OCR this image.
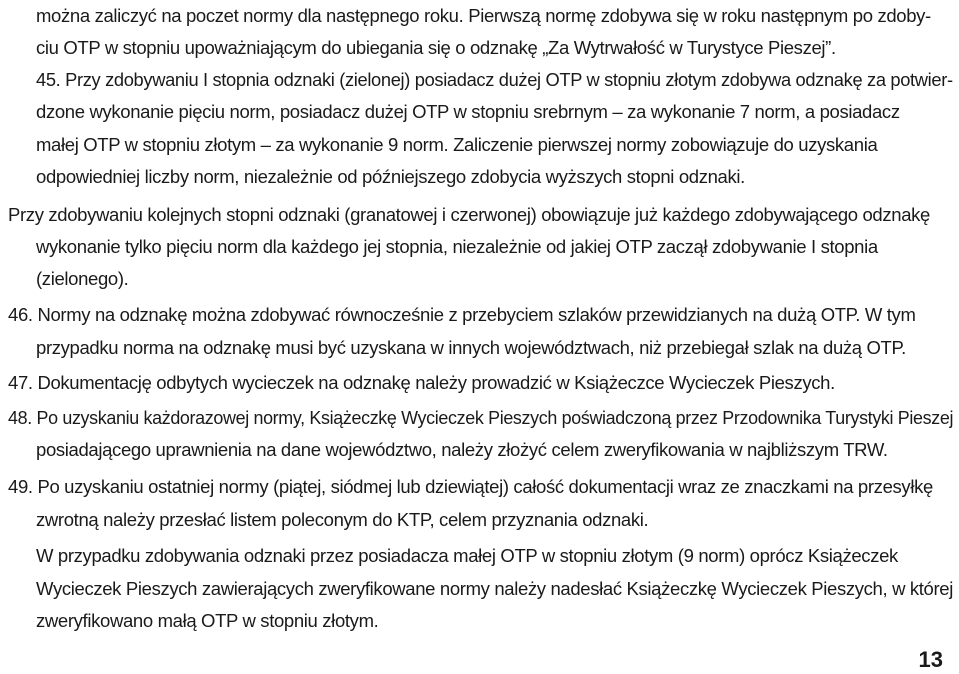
można zaliczyć na poczet normy dla następnego roku. Pierwszą normę zdobywa się w roku następnym po zdoby-
ciu OTP w stopniu upoważniającym do ubiegania się o odznakę „Za Wytrwałość w Turystyce Pieszej”.
45. Przy zdobywaniu I stopnia odznaki (zielonej) posiadacz dużej OTP w stopniu złotym zdobywa odznakę za potwier-
dzone wykonanie pięciu norm, posiadacz dużej OTP w stopniu srebrnym – za wykonanie 7 norm, a posiadacz
małej OTP w stopniu złotym – za wykonanie 9 norm. Zaliczenie pierwszej normy zobowiązuje do uzyskania
odpowiedniej liczby norm, niezależnie od późniejszego zdobycia wyższych stopni odznaki.
Przy zdobywaniu kolejnych stopni odznaki (granatowej i czerwonej) obowiązuje już każdego zdobywającego odznakę
wykonanie tylko pięciu norm dla każdego jej stopnia, niezależnie od jakiej OTP zaczął zdobywanie I stopnia
(zielonego).
46. Normy na odznakę można zdobywać równocześnie z przebyciem szlaków przewidzianych na dużą OTP. W tym
przypadku norma na odznakę musi być uzyskana w innych województwach, niż przebiegał szlak na dużą OTP.
47. Dokumentację odbytych wycieczek na odznakę należy prowadzić w Książeczce Wycieczek Pieszych.
48. Po uzyskaniu każdorazowej normy, Książeczkę Wycieczek Pieszych poświadczoną przez Przodownika Turystyki Pieszej
posiadającego uprawnienia na dane województwo, należy złożyć celem zweryfikowania w najbliższym TRW.
49. Po uzyskaniu ostatniej normy (piątej, siódmej lub dziewiątej) całość dokumentacji wraz ze znaczkami na przesyłkę
zwrotną należy przesłać listem poleconym do KTP, celem przyznania odznaki.
W przypadku zdobywania odznaki przez posiadacza małej OTP w stopniu złotym (9 norm) oprócz Książeczek
Wycieczek Pieszych zawierających zweryfikowane normy należy nadesłać Książeczkę Wycieczek Pieszych, w której
zweryfikowano małą OTP w stopniu złotym.
13
